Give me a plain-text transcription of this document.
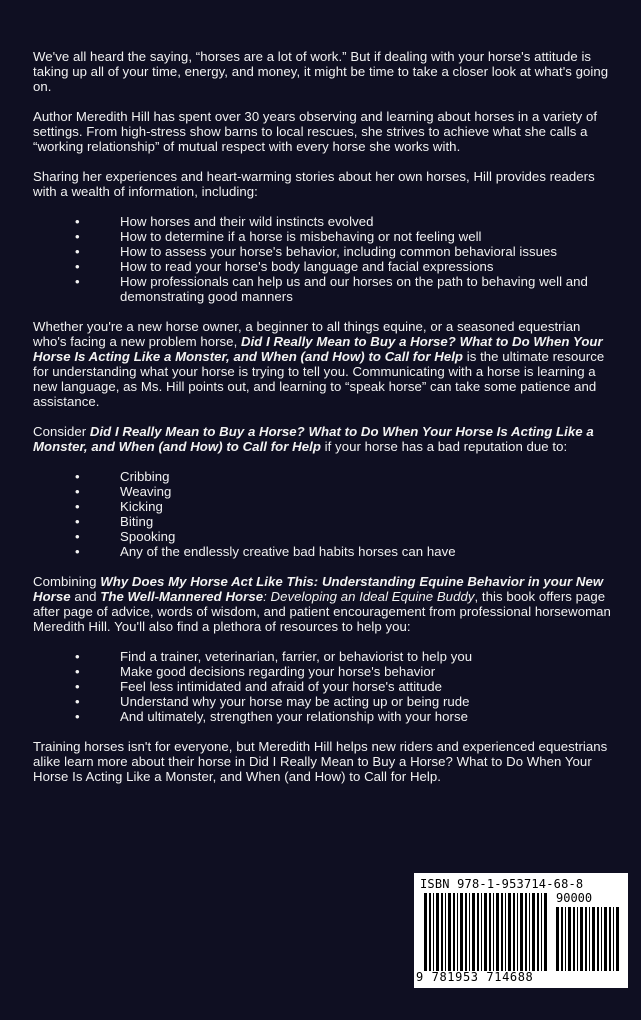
We've all heard the saying, “horses are a lot of work.” But if dealing with your horse's attitude is taking up all of your time, energy, and money, it might be time to take a closer look at what's going on.

Author Meredith Hill has spent over 30 years observing and learning about horses in a variety of settings. From high-stress show barns to local rescues, she strives to achieve what she calls a “working relationship” of mutual respect with every horse she works with.

Sharing her experiences and heart-warming stories about her own horses, Hill provides readers with a wealth of information, including:

• How horses and their wild instincts evolved
• How to determine if a horse is misbehaving or not feeling well
• How to assess your horse's behavior, including common behavioral issues
• How to read your horse's body language and facial expressions
• How professionals can help us and our horses on the path to behaving well and demonstrating good manners

Whether you're a new horse owner, a beginner to all things equine, or a seasoned equestrian who's facing a new problem horse, Did I Really Mean to Buy a Horse? What to Do When Your Horse Is Acting Like a Monster, and When (and How) to Call for Help is the ultimate resource for understanding what your horse is trying to tell you. Communicating with a horse is learning a new language, as Ms. Hill points out, and learning to “speak horse” can take some patience and assistance.

Consider Did I Really Mean to Buy a Horse? What to Do When Your Horse Is Acting Like a Monster, and When (and How) to Call for Help if your horse has a bad reputation due to:

• Cribbing
• Weaving
• Kicking
• Biting
• Spooking
• Any of the endlessly creative bad habits horses can have

Combining Why Does My Horse Act Like This: Understanding Equine Behavior in your New Horse and The Well-Mannered Horse: Developing an Ideal Equine Buddy, this book offers page after page of advice, words of wisdom, and patient encouragement from professional horsewoman Meredith Hill. You'll also find a plethora of resources to help you:

• Find a trainer, veterinarian, farrier, or behaviorist to help you
• Make good decisions regarding your horse's behavior
• Feel less intimidated and afraid of your horse's attitude
• Understand why your horse may be acting up or being rude
• And ultimately, strengthen your relationship with your horse

Training horses isn't for everyone, but Meredith Hill helps new riders and experienced equestrians alike learn more about their horse in Did I Really Mean to Buy a Horse? What to Do When Your Horse Is Acting Like a Monster, and When (and How) to Call for Help.

ISBN 978-1-953714-68-8
90000
9 781953 714688
